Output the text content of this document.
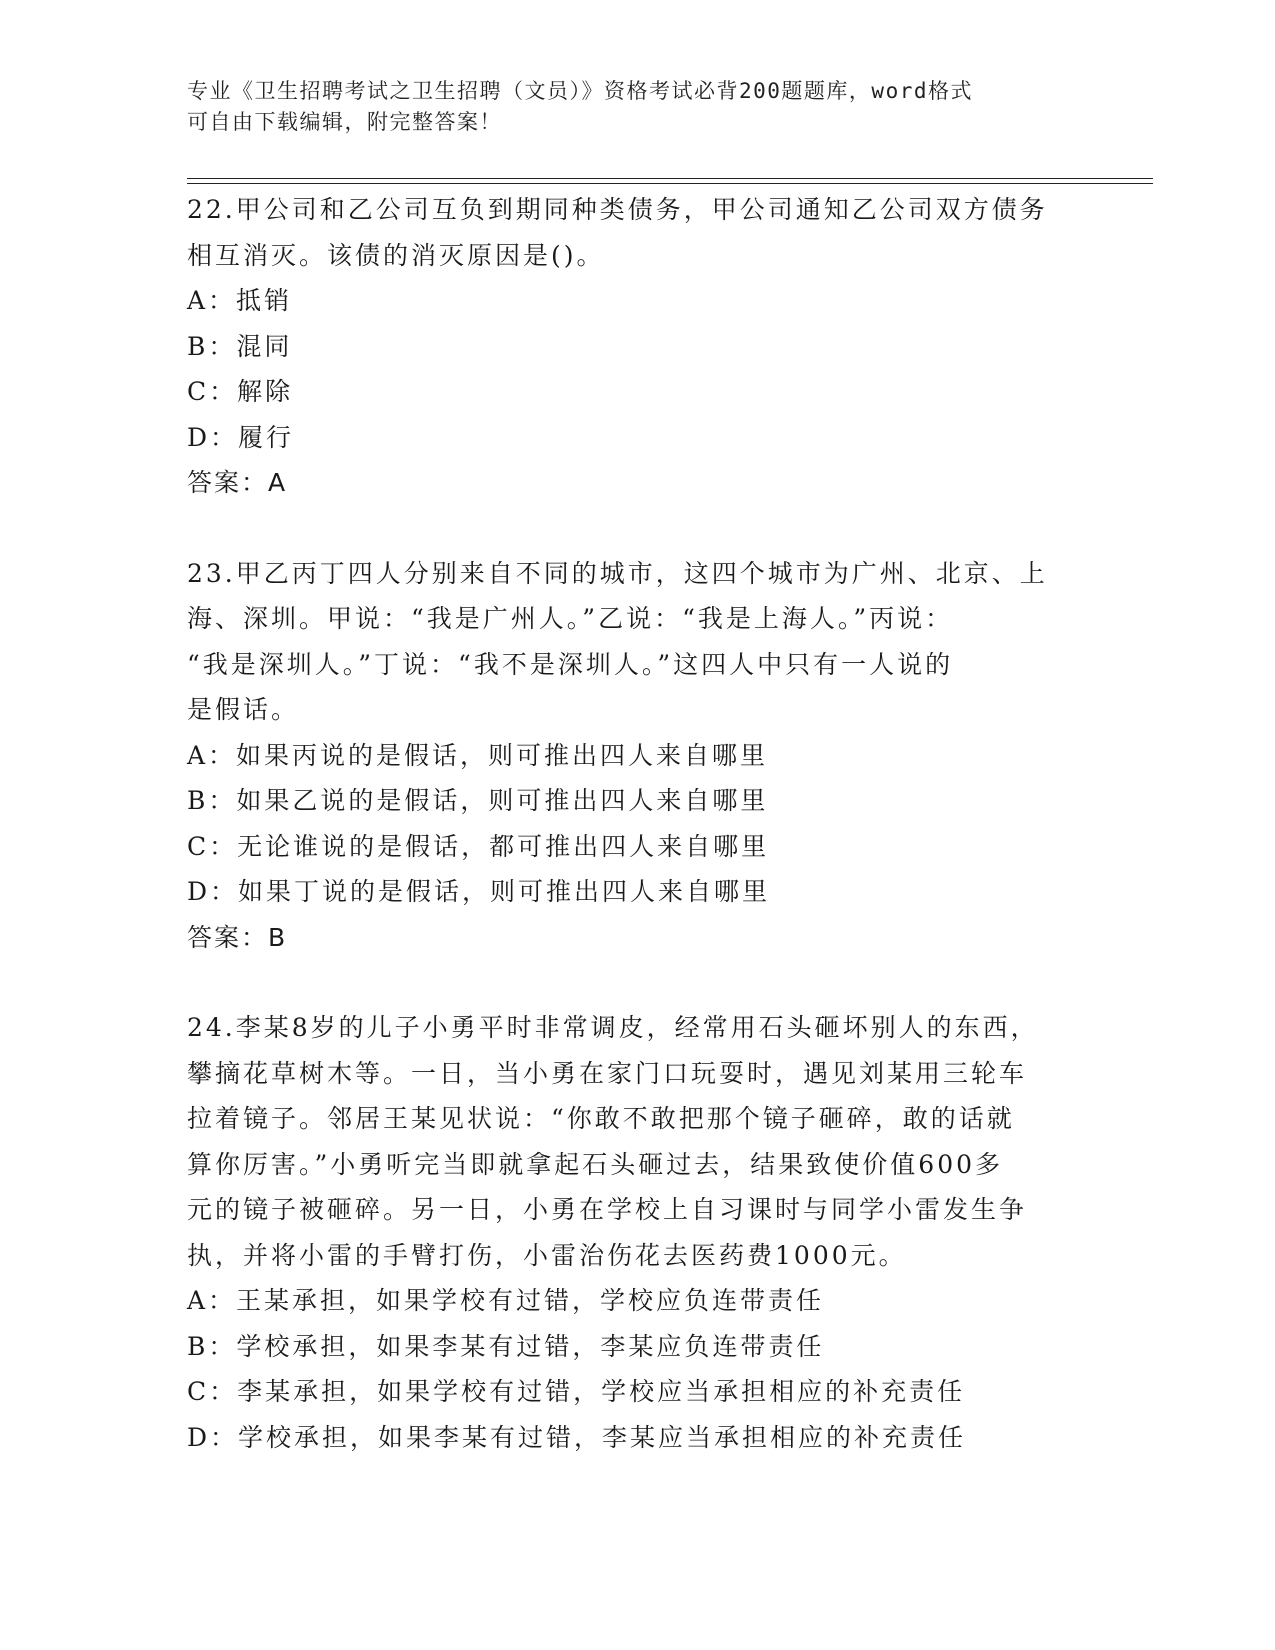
专业《卫生招聘考试之卫生招聘（文员）》资格考试必背200题题库，word格式
可自由下载编辑，附完整答案！

22.甲公司和乙公司互负到期同种类债务，甲公司通知乙公司双方债务

相互消灭。该债的消灭原因是()。

A：抵销

B：混同

C：解除

D：履行

答案：A

23.甲乙丙丁四人分别来自不同的城市，这四个城市为广州、北京、上

海、深圳。甲说：“我是广州人。”乙说：“我是上海人。”丙说：

“我是深圳人。”丁说：“我不是深圳人。”这四人中只有一人说的

是假话。

A：如果丙说的是假话，则可推出四人来自哪里

B：如果乙说的是假话，则可推出四人来自哪里

C：无论谁说的是假话，都可推出四人来自哪里

D：如果丁说的是假话，则可推出四人来自哪里

答案：B

24.李某8岁的儿子小勇平时非常调皮，经常用石头砸坏别人的东西，

攀摘花草树木等。一日，当小勇在家门口玩耍时，遇见刘某用三轮车

拉着镜子。邻居王某见状说：“你敢不敢把那个镜子砸碎，敢的话就

算你厉害。”小勇听完当即就拿起石头砸过去，结果致使价值600多

元的镜子被砸碎。另一日，小勇在学校上自习课时与同学小雷发生争

执，并将小雷的手臂打伤，小雷治伤花去医药费1000元。

A：王某承担，如果学校有过错，学校应负连带责任

B：学校承担，如果李某有过错，李某应负连带责任

C：李某承担，如果学校有过错，学校应当承担相应的补充责任

D：学校承担，如果李某有过错，李某应当承担相应的补充责任
